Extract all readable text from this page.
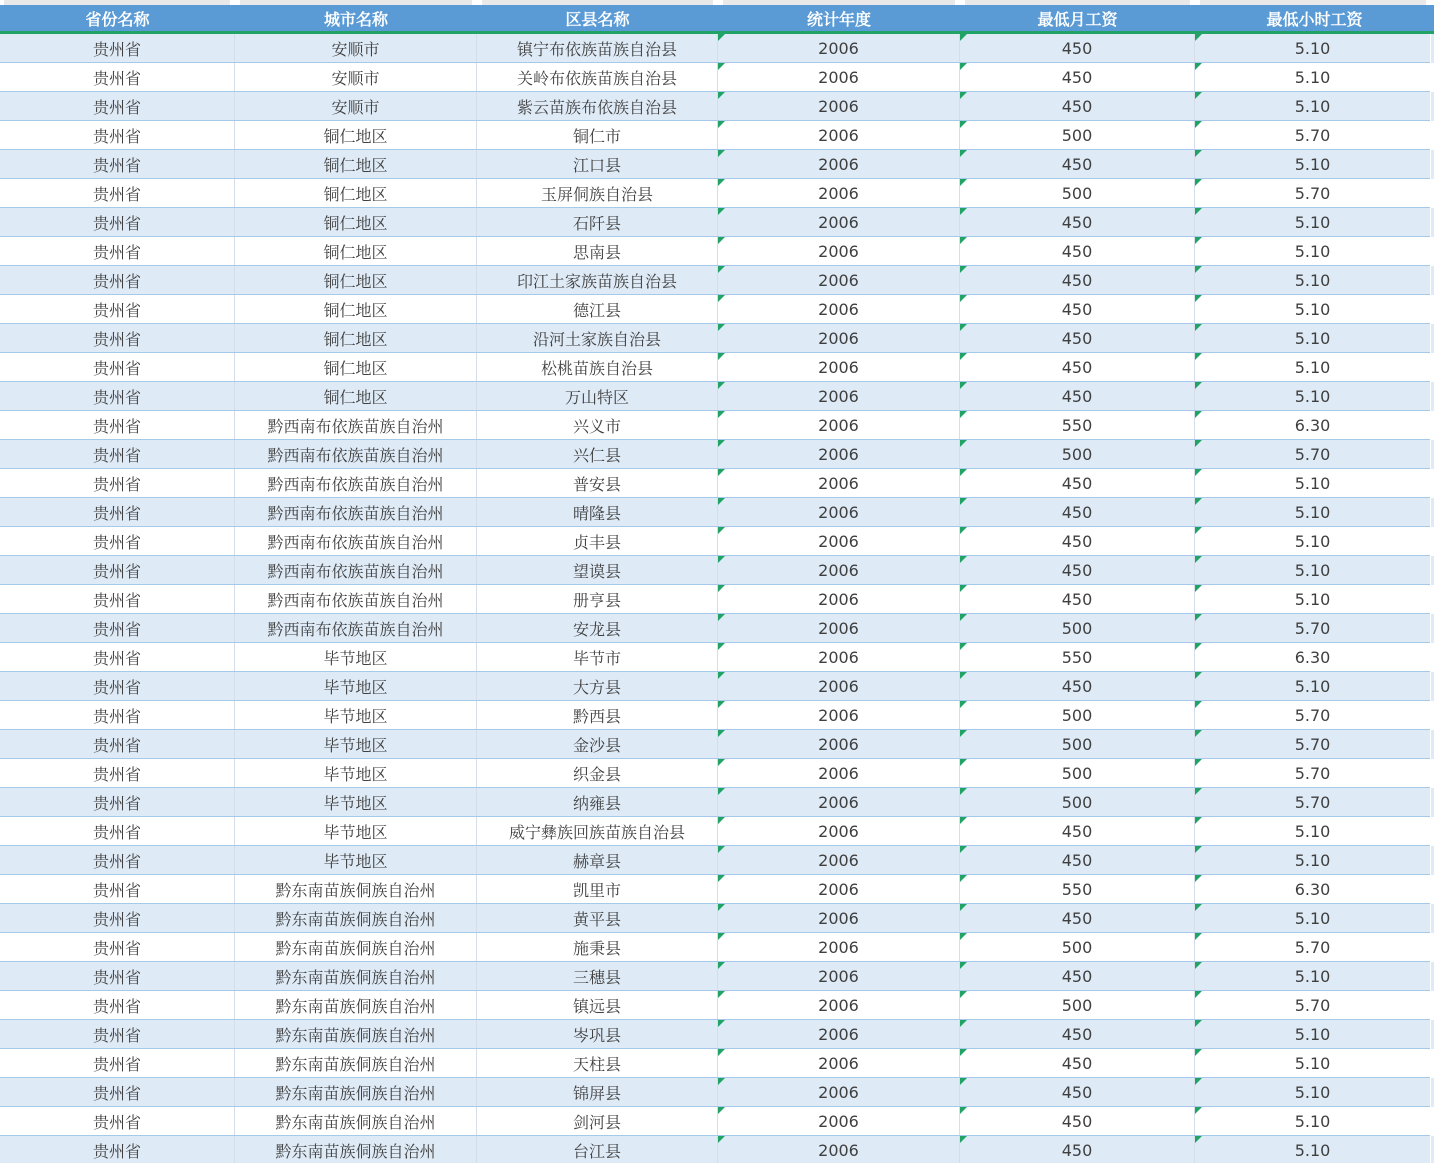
省份名称	城市名称	区县名称	统计年度	最低月工资	最低小时工资
贵州省	安顺市	镇宁布依族苗族自治县	2006	450	5.10
贵州省	安顺市	关岭布依族苗族自治县	2006	450	5.10
贵州省	安顺市	紫云苗族布依族自治县	2006	450	5.10
贵州省	铜仁地区	铜仁市	2006	500	5.70
贵州省	铜仁地区	江口县	2006	450	5.10
贵州省	铜仁地区	玉屏侗族自治县	2006	500	5.70
贵州省	铜仁地区	石阡县	2006	450	5.10
贵州省	铜仁地区	思南县	2006	450	5.10
贵州省	铜仁地区	印江土家族苗族自治县	2006	450	5.10
贵州省	铜仁地区	德江县	2006	450	5.10
贵州省	铜仁地区	沿河土家族自治县	2006	450	5.10
贵州省	铜仁地区	松桃苗族自治县	2006	450	5.10
贵州省	铜仁地区	万山特区	2006	450	5.10
贵州省	黔西南布依族苗族自治州	兴义市	2006	550	6.30
贵州省	黔西南布依族苗族自治州	兴仁县	2006	500	5.70
贵州省	黔西南布依族苗族自治州	普安县	2006	450	5.10
贵州省	黔西南布依族苗族自治州	晴隆县	2006	450	5.10
贵州省	黔西南布依族苗族自治州	贞丰县	2006	450	5.10
贵州省	黔西南布依族苗族自治州	望谟县	2006	450	5.10
贵州省	黔西南布依族苗族自治州	册亨县	2006	450	5.10
贵州省	黔西南布依族苗族自治州	安龙县	2006	500	5.70
贵州省	毕节地区	毕节市	2006	550	6.30
贵州省	毕节地区	大方县	2006	450	5.10
贵州省	毕节地区	黔西县	2006	500	5.70
贵州省	毕节地区	金沙县	2006	500	5.70
贵州省	毕节地区	织金县	2006	500	5.70
贵州省	毕节地区	纳雍县	2006	500	5.70
贵州省	毕节地区	威宁彝族回族苗族自治县	2006	450	5.10
贵州省	毕节地区	赫章县	2006	450	5.10
贵州省	黔东南苗族侗族自治州	凯里市	2006	550	6.30
贵州省	黔东南苗族侗族自治州	黄平县	2006	450	5.10
贵州省	黔东南苗族侗族自治州	施秉县	2006	500	5.70
贵州省	黔东南苗族侗族自治州	三穗县	2006	450	5.10
贵州省	黔东南苗族侗族自治州	镇远县	2006	500	5.70
贵州省	黔东南苗族侗族自治州	岑巩县	2006	450	5.10
贵州省	黔东南苗族侗族自治州	天柱县	2006	450	5.10
贵州省	黔东南苗族侗族自治州	锦屏县	2006	450	5.10
贵州省	黔东南苗族侗族自治州	剑河县	2006	450	5.10
贵州省	黔东南苗族侗族自治州	台江县	2006	450	5.10
